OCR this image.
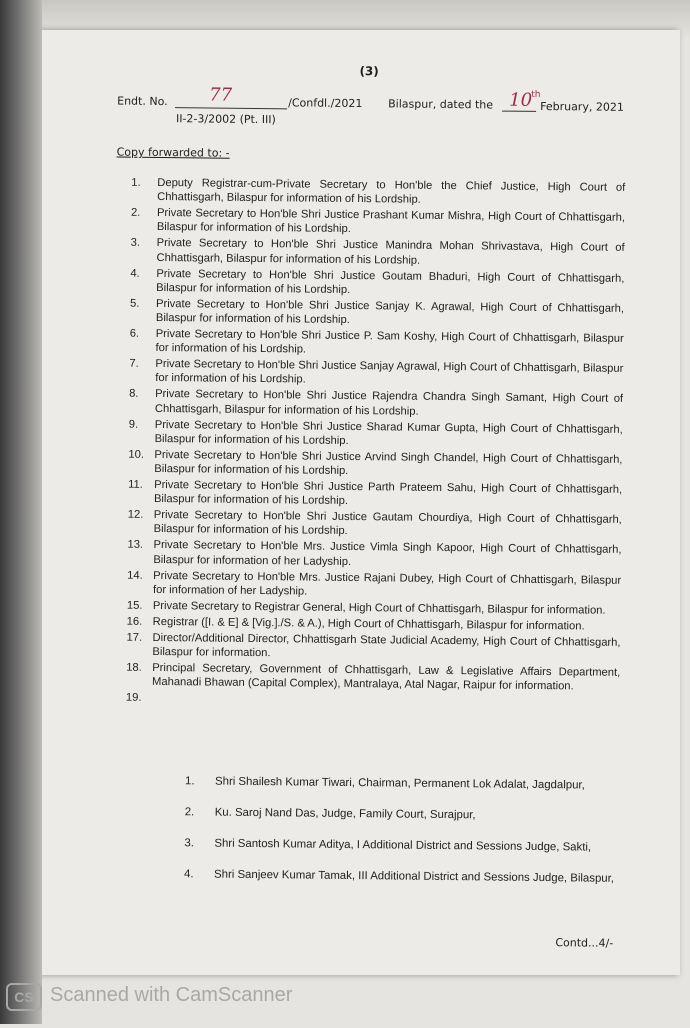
(3)
Endt. No. 77	/Confdl./2021 Bilaspur, dated the 10
th
February, 2021
II-2-3/2002 (Pt. III)
Copy forwarded to: -
1. Deputy Registrar-cum-Private Secretary to Hon'ble the Chief Justice, High Court of Chhattisgarh, Bilaspur for information of his Lordship.
2. Private Secretary to Hon'ble Shri Justice Prashant Kumar Mishra, High Court of Chhattisgarh, Bilaspur for information of his Lordship.
3. Private Secretary to Hon'ble Shri Justice Manindra Mohan Shrivastava, High Court of Chhattisgarh, Bilaspur for information of his Lordship.
4. Private Secretary to Hon'ble Shri Justice Goutam Bhaduri, High Court of Chhattisgarh, Bilaspur for information of his Lordship.
5. Private Secretary to Hon'ble Shri Justice Sanjay K. Agrawal, High Court of Chhattisgarh, Bilaspur for information of his Lordship.
6. Private Secretary to Hon'ble Shri Justice P. Sam Koshy, High Court of Chhattisgarh, Bilaspur for information of his Lordship.
7. Private Secretary to Hon'ble Shri Justice Sanjay Agrawal, High Court of Chhattisgarh, Bilaspur for information of his Lordship.
8. Private Secretary to Hon'ble Shri Justice Rajendra Chandra Singh Samant, High Court of Chhattisgarh, Bilaspur for information of his Lordship.
9. Private Secretary to Hon'ble Shri Justice Sharad Kumar Gupta, High Court of Chhattisgarh, Bilaspur for information of his Lordship.
10. Private Secretary to Hon'ble Shri Justice Arvind Singh Chandel, High Court of Chhattisgarh, Bilaspur for information of his Lordship.
11. Private Secretary to Hon'ble Shri Justice Parth Prateem Sahu, High Court of Chhattisgarh, Bilaspur for information of his Lordship.
12. Private Secretary to Hon'ble Shri Justice Gautam Chourdiya, High Court of Chhattisgarh, Bilaspur for information of his Lordship.
13. Private Secretary to Hon'ble Mrs. Justice Vimla Singh Kapoor, High Court of Chhattisgarh, Bilaspur for information of her Ladyship.
14. Private Secretary to Hon'ble Mrs. Justice Rajani Dubey, High Court of Chhattisgarh, Bilaspur for information of her Ladyship.
15. Private Secretary to Registrar General, High Court of Chhattisgarh, Bilaspur for information.
16. Registrar ([I. & E] & [Vig.]./S. & A.), High Court of Chhattisgarh, Bilaspur for information.
17. Director/Additional Director, Chhattisgarh State Judicial Academy, High Court of Chhattisgarh, Bilaspur for information.
18. Principal Secretary, Government of Chhattisgarh, Law & Legislative Affairs Department, Mahanadi Bhawan (Capital Complex), Mantralaya, Atal Nagar, Raipur for information.
19.
1. Shri Shailesh Kumar Tiwari, Chairman, Permanent Lok Adalat, Jagdalpur,
2. Ku. Saroj Nand Das, Judge, Family Court, Surajpur,
3. Shri Santosh Kumar Aditya, I Additional District and Sessions Judge, Sakti,
4. Shri Sanjeev Kumar Tamak, III Additional District and Sessions Judge, Bilaspur,
Contd...4/-
CS Scanned with CamScanner
